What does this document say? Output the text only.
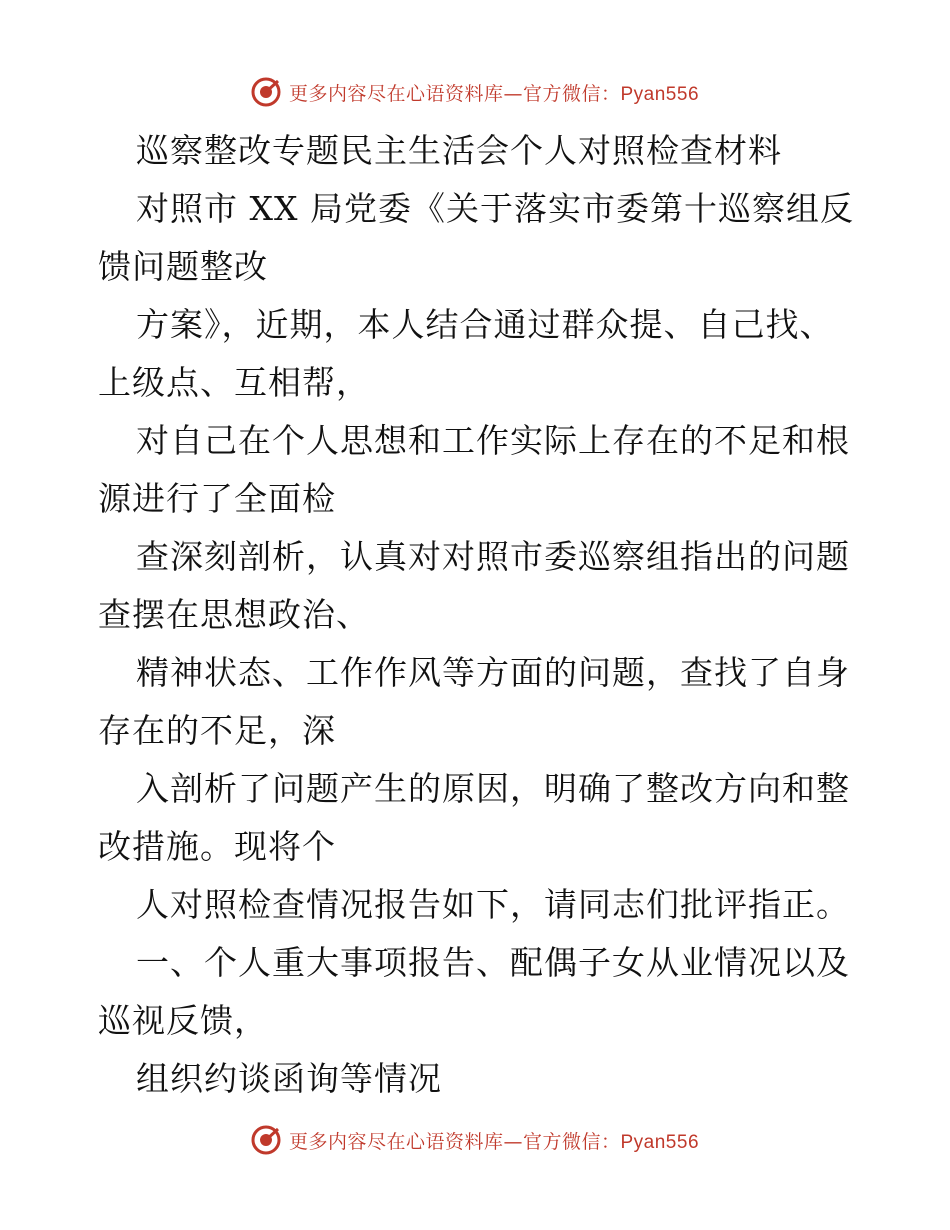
更多内容尽在心语资料库—官方微信：Pyan556
巡察整改专题民主生活会个人对照检查材料
对照市 XX 局党委《关于落实市委第十巡察组反
馈问题整改
方案》，近期，本人结合通过群众提、自己找、
上级点、互相帮，
对自己在个人思想和工作实际上存在的不足和根
源进行了全面检
查深刻剖析，认真对对照市委巡察组指出的问题
查摆在思想政治、
精神状态、工作作风等方面的问题，查找了自身
存在的不足，深
入剖析了问题产生的原因，明确了整改方向和整
改措施。现将个
人对照检查情况报告如下，请同志们批评指正。
一、个人重大事项报告、配偶子女从业情况以及
巡视反馈，
组织约谈函询等情况
更多内容尽在心语资料库—官方微信：Pyan556
